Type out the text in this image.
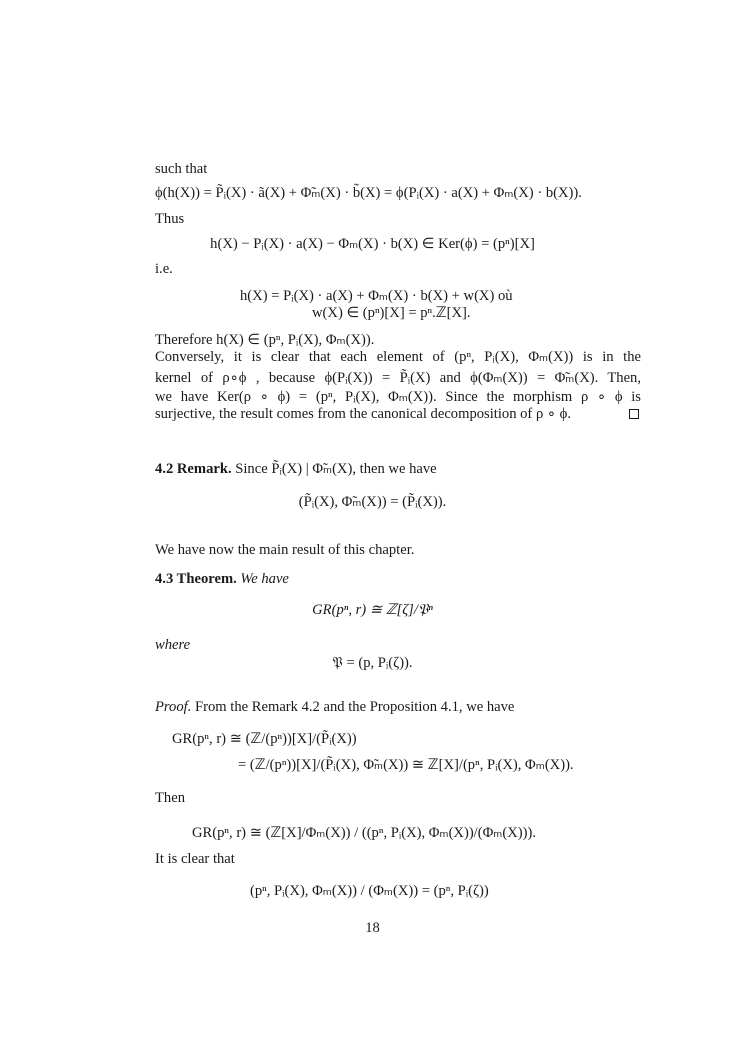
such that

ϕ(h(X)) = P̃ᵢ(X) · ã(X) + Φ̃ₘ(X) · b̃(X) = ϕ(Pᵢ(X) · a(X) + Φₘ(X) · b(X)).

Thus

h(X) − Pᵢ(X) · a(X) − Φₘ(X) · b(X) ∈ Ker(ϕ) = (pⁿ)[X]

i.e.

h(X) = Pᵢ(X) · a(X) + Φₘ(X) · b(X) + w(X) où

w(X) ∈ (pⁿ)[X] = pⁿ.ℤ[X].

Therefore h(X) ∈ (pⁿ, Pᵢ(X), Φₘ(X)).

Conversely, it is clear that each element of (pⁿ, Pᵢ(X), Φₘ(X)) is in the

kernel of ρ∘ϕ , because ϕ(Pᵢ(X)) = P̃ᵢ(X) and ϕ(Φₘ(X)) = Φ̃ₘ(X). Then,

we have Ker(ρ ∘ ϕ) = (pⁿ, Pᵢ(X), Φₘ(X)). Since the morphism ρ ∘ ϕ is

surjective, the result comes from the canonical decomposition of ρ ∘ ϕ.

4.2 Remark. Since P̃ᵢ(X) | Φ̃ₘ(X), then we have

(P̃ᵢ(X), Φ̃ₘ(X)) = (P̃ᵢ(X)).

We have now the main result of this chapter.

4.3 Theorem. We have

GR(pⁿ, r) ≅ ℤ[ζ]/𝔓ⁿ

where

𝔓 = (p, Pᵢ(ζ)).

Proof. From the Remark 4.2 and the Proposition 4.1, we have

GR(pⁿ, r) ≅ (ℤ/(pⁿ))[X]/(P̃ᵢ(X))

= (ℤ/(pⁿ))[X]/(P̃ᵢ(X), Φ̃ₘ(X)) ≅ ℤ[X]/(pⁿ, Pᵢ(X), Φₘ(X)).

Then

GR(pⁿ, r) ≅ (ℤ[X]/Φₘ(X)) / ((pⁿ, Pᵢ(X), Φₘ(X))/(Φₘ(X))).

It is clear that

(pⁿ, Pᵢ(X), Φₘ(X)) / (Φₘ(X)) = (pⁿ, Pᵢ(ζ))

18
